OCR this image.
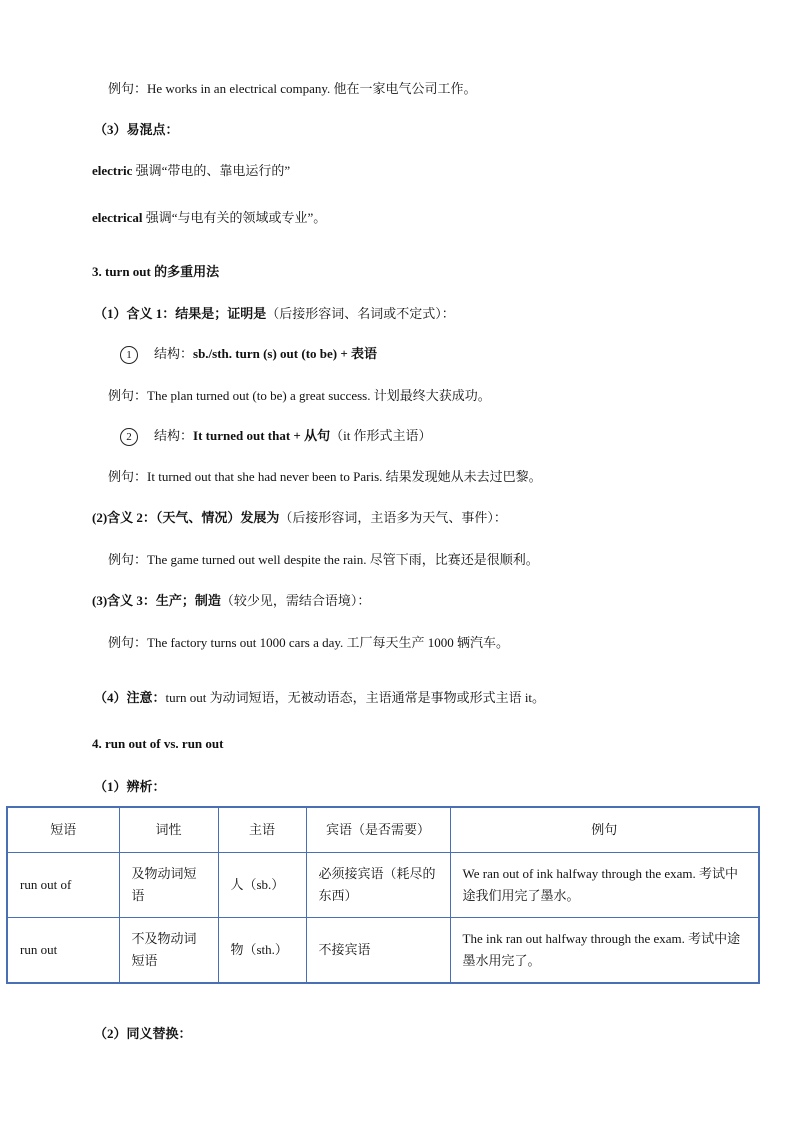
例句：He works in an electrical company. 他在一家电气公司工作。
（3）易混点：
electric 强调“带电的、靠电运行的”
electrical 强调“与电有关的领域或专业”。
3. turn out 的多重用法
（1）含义 1：结果是；证明是（后接形容词、名词或不定式）：
1 结构：sb./sth. turn (s) out (to be) + 表语
例句：The plan turned out (to be) a great success. 计划最终大获成功。
2 结构：It turned out that + 从句（it 作形式主语）
例句：It turned out that she had never been to Paris. 结果发现她从未去过巴黎。
(2)含义 2：（天气、情况）发展为（后接形容词，主语多为天气、事件）：
例句：The game turned out well despite the rain. 尽管下雨，比赛还是很顺利。
(3)含义 3：生产；制造（较少见，需结合语境）：
例句：The factory turns out 1000 cars a day. 工厂每天生产 1000 辆汽车。
（4）注意：turn out 为动词短语，无被动语态，主语通常是事物或形式主语 it。
4. run out of vs. run out
（1）辨析：
短语	词性	主语	宾语（是否需要）	例句
run out of	及物动词短语	人（sb.）	必须接宾语（耗尽的东西）	We ran out of ink halfway through the exam. 考试中途我们用完了墨水。
run out	不及物动词短语	物（sth.）	不接宾语	The ink ran out halfway through the exam. 考试中途墨水用完了。
（2）同义替换：
